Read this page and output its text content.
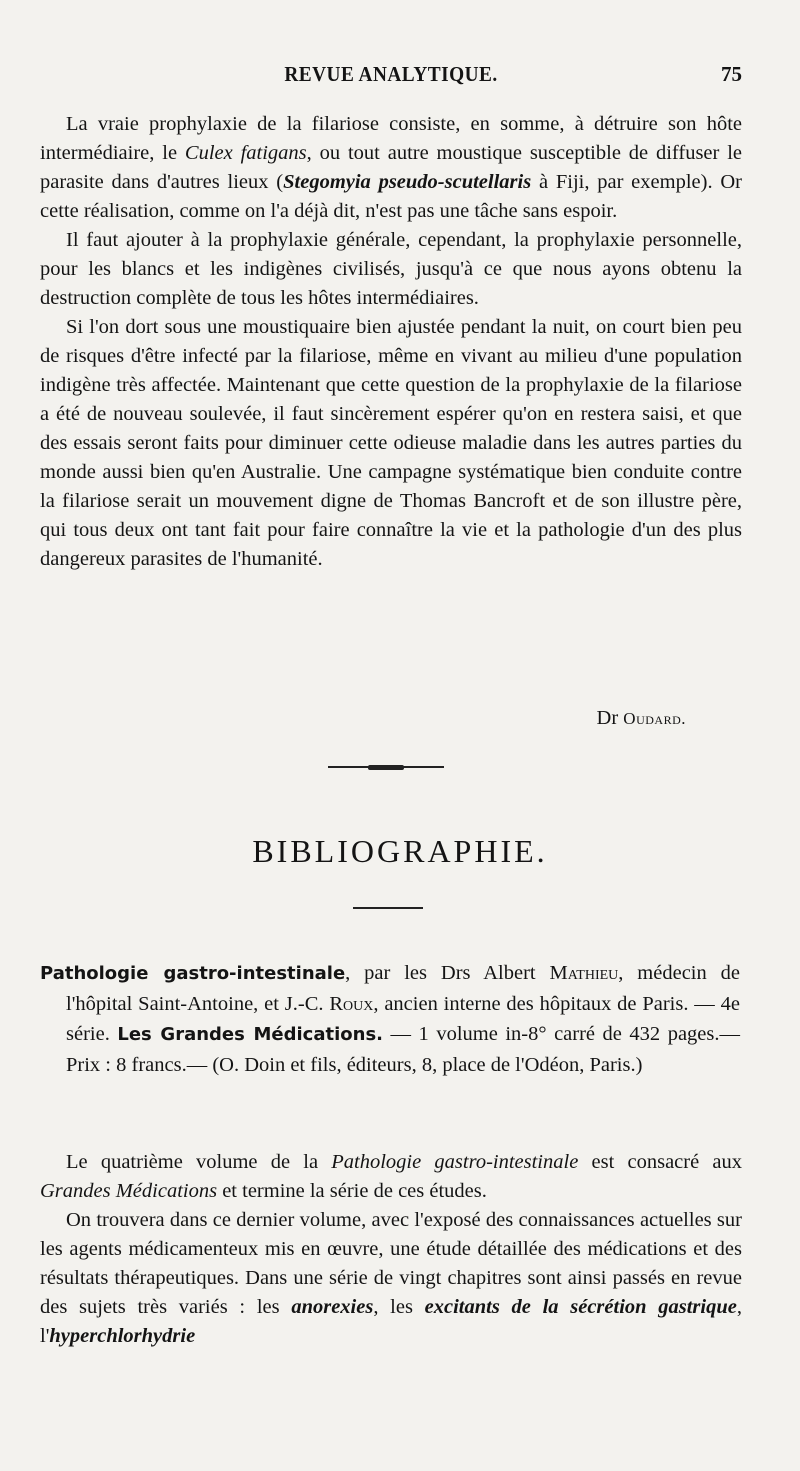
REVUE ANALYTIQUE.	75

La vraie prophylaxie de la filariose consiste, en somme, à détruire son hôte intermédiaire, le Culex fatigans, ou tout autre moustique susceptible de diffuser le parasite dans d'autres lieux (Stegomyia pseudo-scutellaris à Fiji, par exemple). Or cette réalisation, comme on l'a déjà dit, n'est pas une tâche sans espoir.

Il faut ajouter à la prophylaxie générale, cependant, la prophylaxie personnelle, pour les blancs et les indigènes civilisés, jusqu'à ce que nous ayons obtenu la destruction complète de tous les hôtes intermédiaires.

Si l'on dort sous une moustiquaire bien ajustée pendant la nuit, on court bien peu de risques d'être infecté par la filariose, même en vivant au milieu d'une population indigène très affectée. Maintenant que cette question de la prophylaxie de la filariose a été de nouveau soulevée, il faut sincèrement espérer qu'on en restera saisi, et que des essais seront faits pour diminuer cette odieuse maladie dans les autres parties du monde aussi bien qu'en Australie. Une campagne systématique bien conduite contre la filariose serait un mouvement digne de Thomas Bancroft et de son illustre père, qui tous deux ont tant fait pour faire connaître la vie et la pathologie d'un des plus dangereux parasites de l'humanité.

Dr Oudard.
BIBLIOGRAPHIE.

Pathologie gastro-intestinale, par les Drs Albert Mathieu, médecin de l'hôpital Saint-Antoine, et J.-C. Roux, ancien interne des hôpitaux de Paris. — 4e série. Les Grandes Médications. — 1 volume in-8° carré de 432 pages.— Prix : 8 francs.— (O. Doin et fils, éditeurs, 8, place de l'Odéon, Paris.)

Le quatrième volume de la Pathologie gastro-intestinale est consacré aux Grandes Médications et termine la série de ces études.

On trouvera dans ce dernier volume, avec l'exposé des connaissances actuelles sur les agents médicamenteux mis en œuvre, une étude détaillée des médications et des résultats thérapeutiques. Dans une série de vingt chapitres sont ainsi passés en revue des sujets très variés : les anorexies, les excitants de la sécrétion gastrique, l'hyperchlorhydrie
